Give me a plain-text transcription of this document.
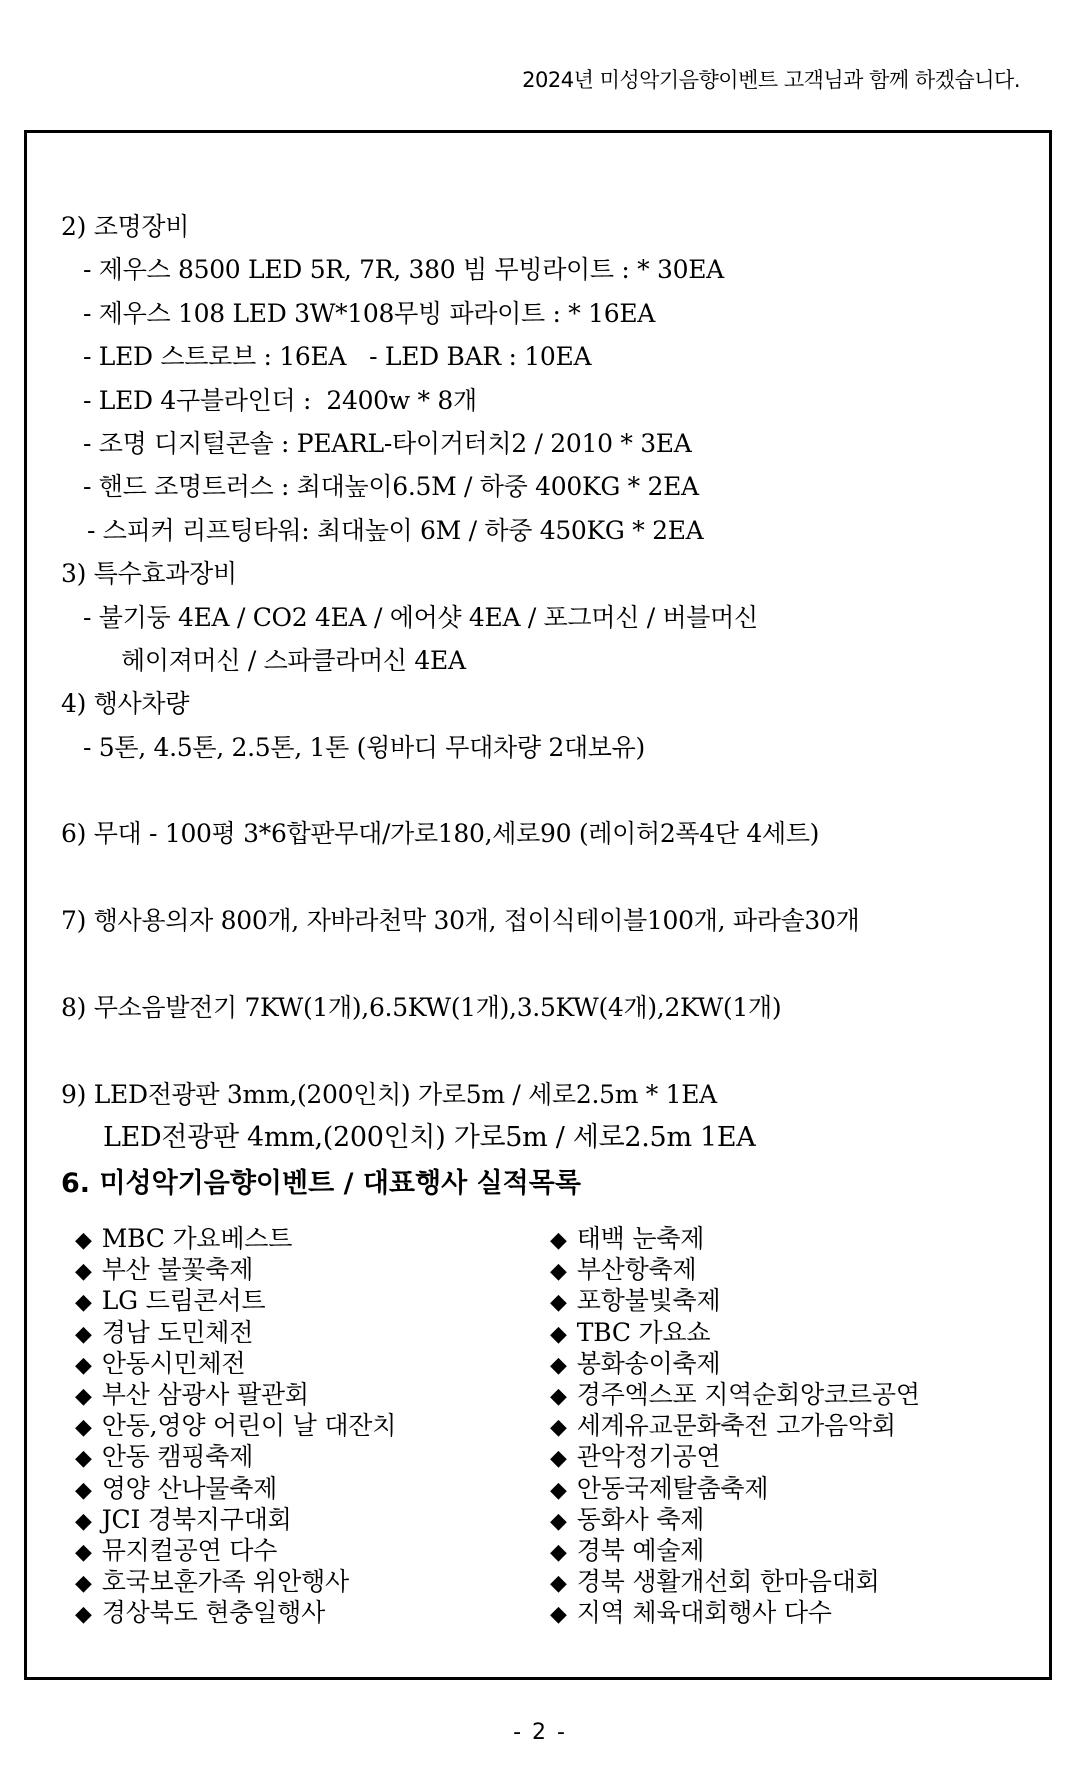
2024년 미성악기음향이벤트 고객님과 함께 하겠습니다.
2) 조명장비
- 제우스 8500 LED 5R, 7R, 380 빔 무빙라이트 : * 30EA
- 제우스 108 LED 3W*108무빙 파라이트 : * 16EA
- LED 스트로브 : 16EA   - LED BAR : 10EA
- LED 4구블라인더 :  2400w * 8개
- 조명 디지털콘솔 : PEARL-타이거터치2 / 2010 * 3EA
- 핸드 조명트러스 : 최대높이6.5M / 하중 400KG * 2EA
- 스피커 리프팅타워: 최대높이 6M / 하중 450KG * 2EA
3) 특수효과장비
- 불기둥 4EA / CO2 4EA / 에어샷 4EA / 포그머신 / 버블머신
헤이져머신 / 스파클라머신 4EA
4) 행사차량
- 5톤, 4.5톤, 2.5톤, 1톤 (윙바디 무대차량 2대보유)
6) 무대 - 100평 3*6합판무대/가로180,세로90 (레이허2폭4단 4세트)
7) 행사용의자 800개, 자바라천막 30개, 접이식테이블100개, 파라솔30개
8) 무소음발전기 7KW(1개),6.5KW(1개),3.5KW(4개),2KW(1개)
9) LED전광판 3mm,(200인치) 가로5m / 세로2.5m * 1EA
LED전광판 4mm,(200인치) 가로5m / 세로2.5m 1EA
6. 미성악기음향이벤트 / 대표행사 실적목록
◆ MBC 가요베스트
◆ 부산 불꽃축제
◆ LG 드림콘서트
◆ 경남 도민체전
◆ 안동시민체전
◆ 부산 삼광사 팔관회
◆ 안동,영양 어린이 날 대잔치
◆ 안동 캠핑축제
◆ 영양 산나물축제
◆ JCI 경북지구대회
◆ 뮤지컬공연 다수
◆ 호국보훈가족 위안행사
◆ 경상북도 현충일행사
◆ 태백 눈축제
◆ 부산항축제
◆ 포항불빛축제
◆ TBC 가요쇼
◆ 봉화송이축제
◆ 경주엑스포 지역순회앙코르공연
◆ 세계유교문화축전 고가음악회
◆ 관악정기공연
◆ 안동국제탈춤축제
◆ 동화사 축제
◆ 경북 예술제
◆ 경북 생활개선회 한마음대회
◆ 지역 체육대회행사 다수
- 2 -
